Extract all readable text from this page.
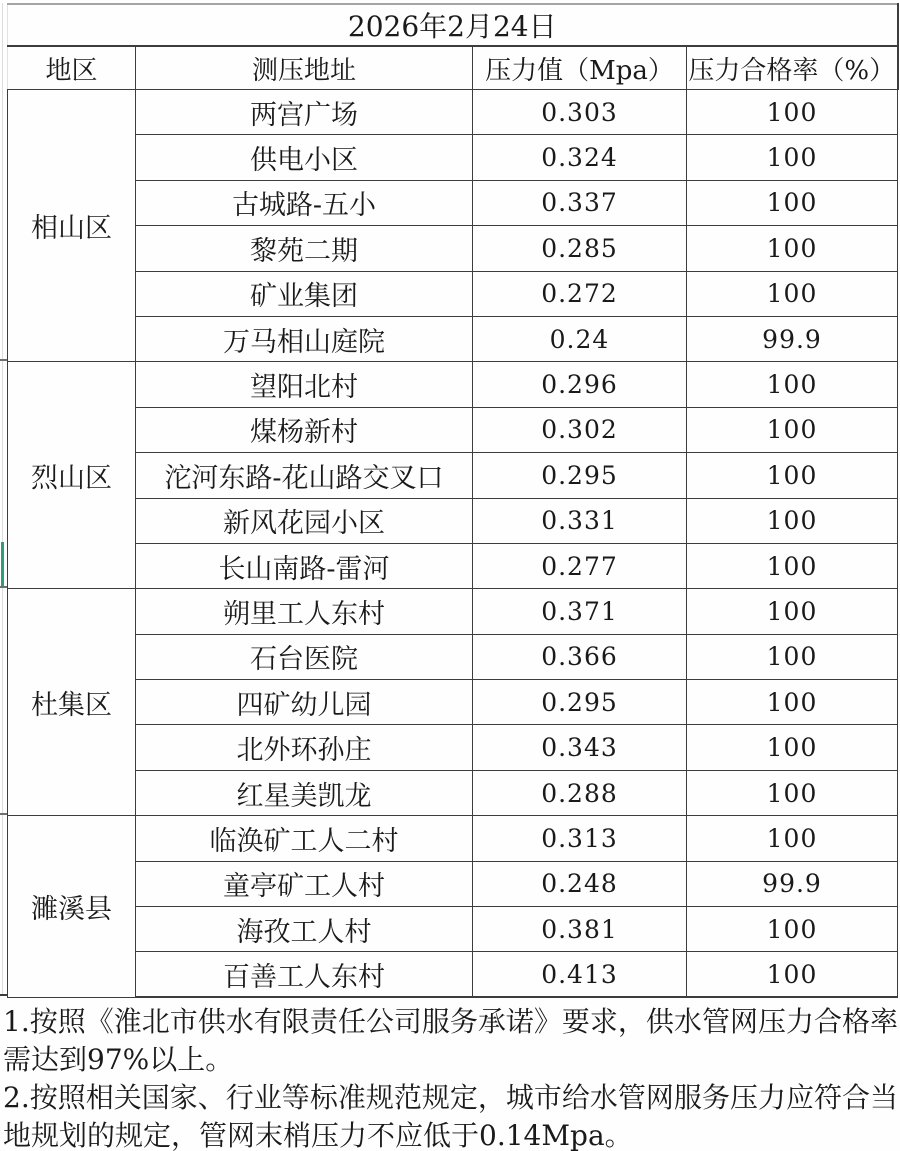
2026年2月24日			
地区	测压地址	压力值（Mpa）	压力合格率（%）
相山区	两宫广场	0.303	100
	供电小区	0.324	100
	古城路-五小	0.337	100
	黎苑二期	0.285	100
	矿业集团	0.272	100
	万马相山庭院	0.24	99.9
烈山区	望阳北村	0.296	100
	煤杨新村	0.302	100
	沱河东路-花山路交叉口	0.295	100
	新风花园小区	0.331	100
	长山南路-雷河	0.277	100
杜集区	朔里工人东村	0.371	100
	石台医院	0.366	100
	四矿幼儿园	0.295	100
	北外环孙庄	0.343	100
	红星美凯龙	0.288	100
濉溪县	临涣矿工人二村	0.313	100
	童亭矿工人村	0.248	99.9
	海孜工人村	0.381	100
	百善工人东村	0.413	100

1.按照《淮北市供水有限责任公司服务承诺》要求，供水管网压力合格率需达到97%以上。

2.按照相关国家、行业等标准规范规定，城市给水管网服务压力应符合当地规划的规定，管网末梢压力不应低于0.14Mpa。
